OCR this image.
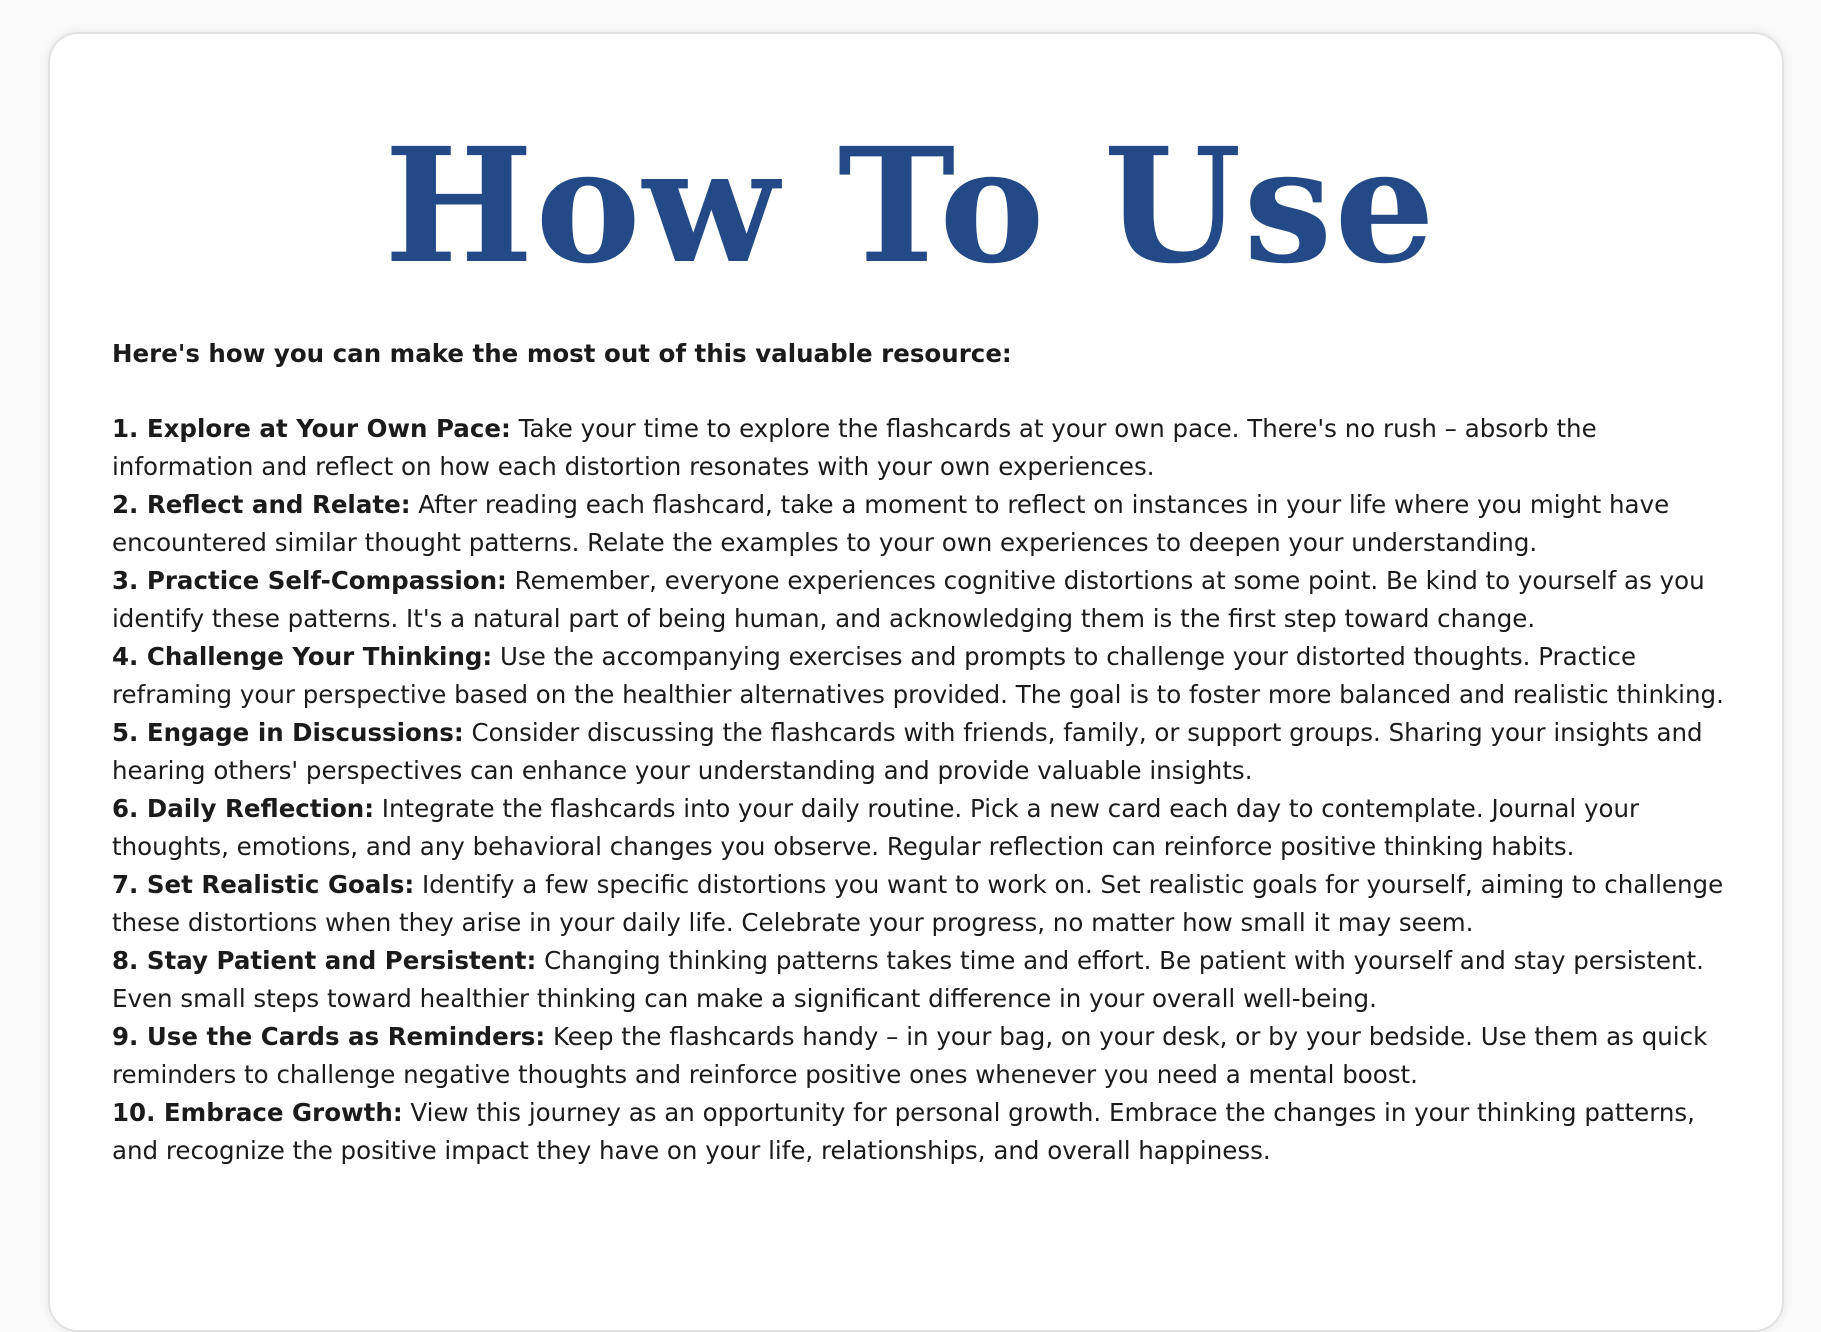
How To Use

Here's how you can make the most out of this valuable resource:

1. Explore at Your Own Pace: Take your time to explore the flashcards at your own pace. There's no rush – absorb the information and reflect on how each distortion resonates with your own experiences.
2. Reflect and Relate: After reading each flashcard, take a moment to reflect on instances in your life where you might have encountered similar thought patterns. Relate the examples to your own experiences to deepen your understanding.
3. Practice Self-Compassion: Remember, everyone experiences cognitive distortions at some point. Be kind to yourself as you identify these patterns. It's a natural part of being human, and acknowledging them is the first step toward change.
4. Challenge Your Thinking: Use the accompanying exercises and prompts to challenge your distorted thoughts. Practice reframing your perspective based on the healthier alternatives provided. The goal is to foster more balanced and realistic thinking.
5. Engage in Discussions: Consider discussing the flashcards with friends, family, or support groups. Sharing your insights and hearing others' perspectives can enhance your understanding and provide valuable insights.
6. Daily Reflection: Integrate the flashcards into your daily routine. Pick a new card each day to contemplate. Journal your thoughts, emotions, and any behavioral changes you observe. Regular reflection can reinforce positive thinking habits.
7. Set Realistic Goals: Identify a few specific distortions you want to work on. Set realistic goals for yourself, aiming to challenge these distortions when they arise in your daily life. Celebrate your progress, no matter how small it may seem.
8. Stay Patient and Persistent: Changing thinking patterns takes time and effort. Be patient with yourself and stay persistent. Even small steps toward healthier thinking can make a significant difference in your overall well-being.
9. Use the Cards as Reminders: Keep the flashcards handy – in your bag, on your desk, or by your bedside. Use them as quick reminders to challenge negative thoughts and reinforce positive ones whenever you need a mental boost.
10. Embrace Growth: View this journey as an opportunity for personal growth. Embrace the changes in your thinking patterns, and recognize the positive impact they have on your life, relationships, and overall happiness.
